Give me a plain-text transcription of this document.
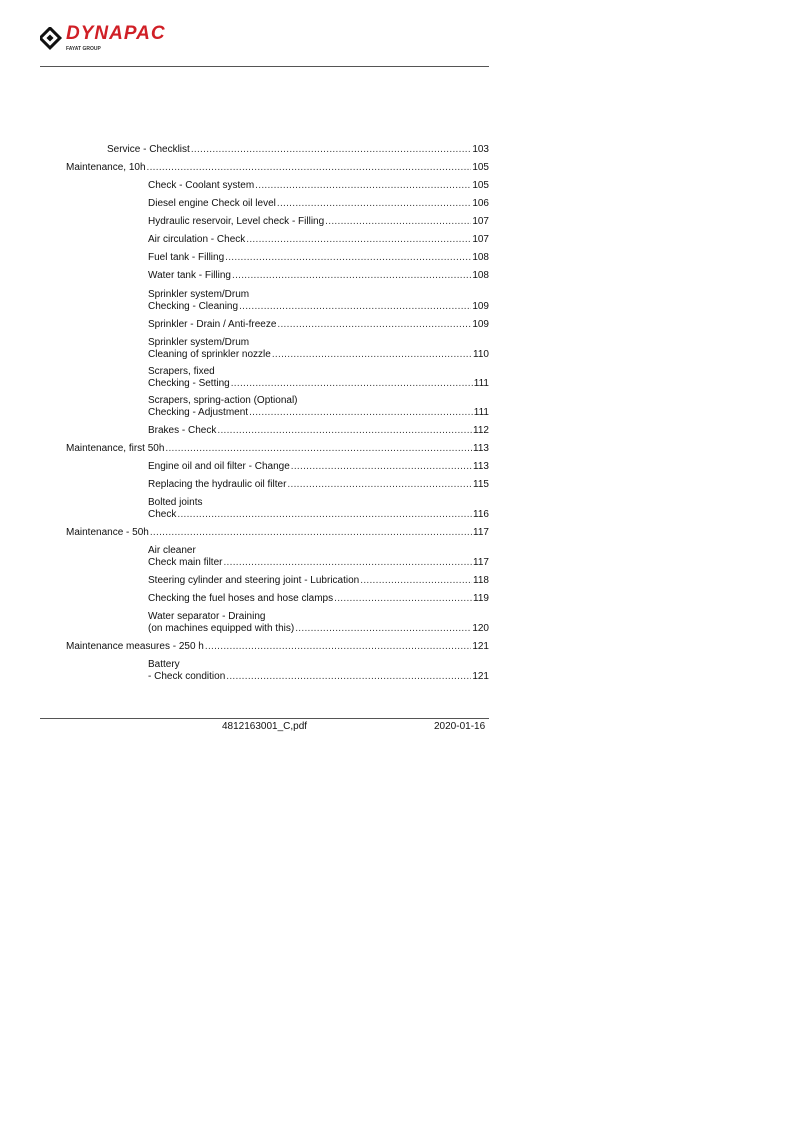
DYNAPAC
FAYAT GROUP
Service - Checklist .....	103
Maintenance, 10h .....	105
Check - Coolant system .....	105
Diesel engine Check oil level .....	106
Hydraulic reservoir, Level check - Filling .....	107
Air circulation - Check .....	107
Fuel tank - Filling .....	108
Water tank - Filling .....	108
Sprinkler system/Drum
Checking - Cleaning .....	109
Sprinkler - Drain / Anti-freeze .....	109
Sprinkler system/Drum
Cleaning of sprinkler nozzle .....	110
Scrapers, fixed
Checking - Setting .....	111
Scrapers, spring-action (Optional)
Checking - Adjustment .....	111
Brakes - Check .....	112
Maintenance, first 50h .....	113
Engine oil and oil filter - Change .....	113
Replacing the hydraulic oil filter .....	115
Bolted joints
Check .....	116
Maintenance - 50h .....	117
Air cleaner
Check main filter .....	117
Steering cylinder and steering joint - Lubrication .....	118
Checking the fuel hoses and hose clamps .....	119
Water separator - Draining
(on machines equipped with this) .....	120
Maintenance measures - 250 h .....	121
Battery
- Check condition .....	121
4812163001_C,pdf	2020-01-16
